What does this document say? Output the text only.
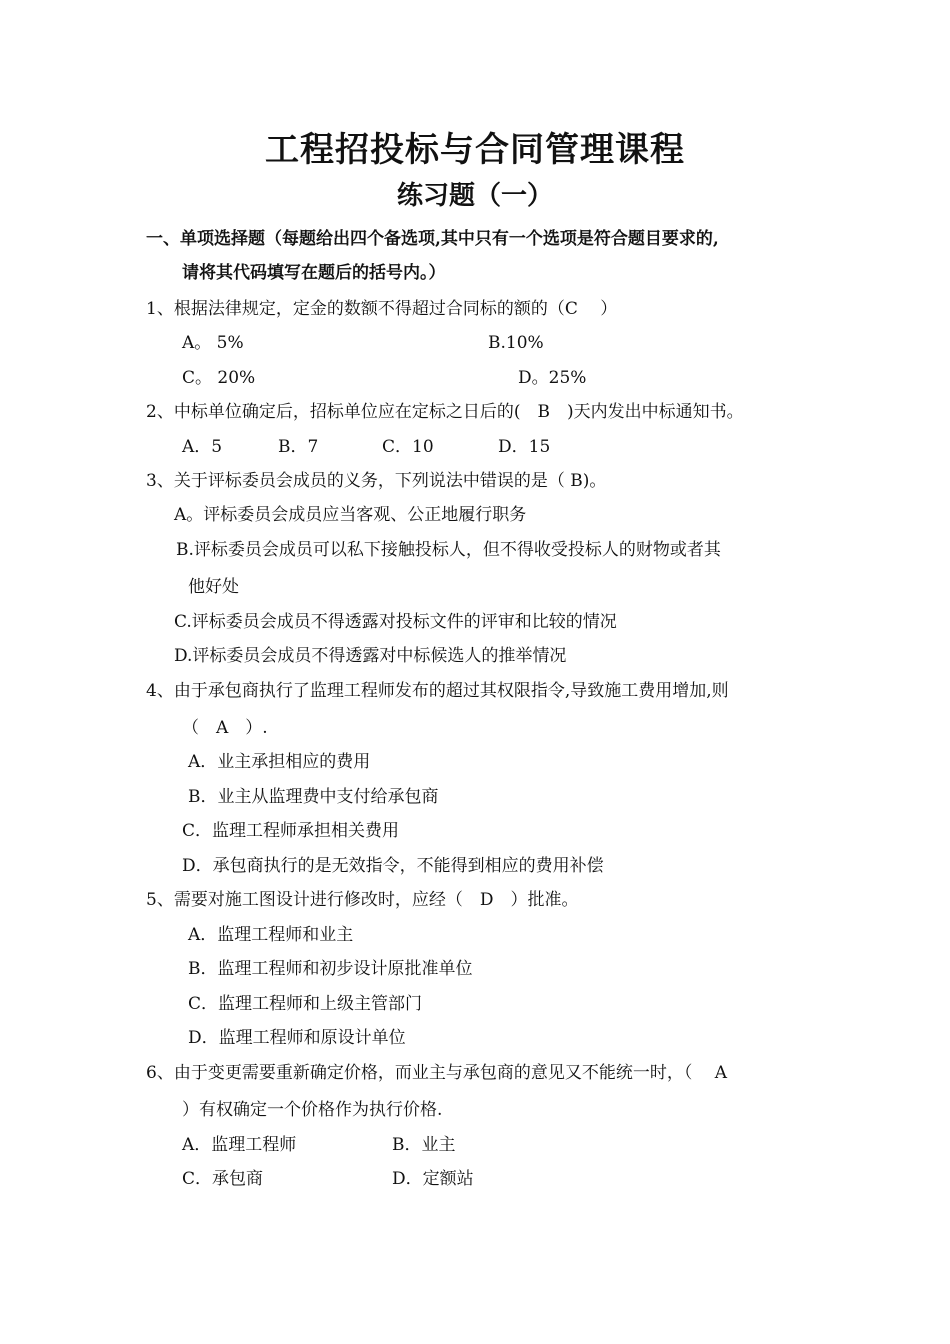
工程招投标与合同管理课程
练习题（一）
一、单项选择题（每题给出四个备选项,其中只有一个选项是符合题目要求的,
请将其代码填写在题后的括号内。）
1、根据法律规定，定金的数额不得超过合同标的额的（C　 ）
A。 5%	B.10%
C。 20%	D。25%
2、中标单位确定后，招标单位应在定标之日后的(　B　)天内发出中标通知书。
A．5	B．7	C．10	D．15
3、关于评标委员会成员的义务，下列说法中错误的是（ B)。
A。评标委员会成员应当客观、公正地履行职务
B.评标委员会成员可以私下接触投标人，但不得收受投标人的财物或者其
他好处
C.评标委员会成员不得透露对投标文件的评审和比较的情况
D.评标委员会成员不得透露对中标候选人的推举情况
4、由于承包商执行了监理工程师发布的超过其权限指令,导致施工费用增加,则
（　A　）.
A．业主承担相应的费用
B．业主从监理费中支付给承包商
C．监理工程师承担相关费用
D．承包商执行的是无效指令，不能得到相应的费用补偿
5、需要对施工图设计进行修改时，应经（　D　）批准。
A．监理工程师和业主
B．监理工程师和初步设计原批准单位
C．监理工程师和上级主管部门
D．监理工程师和原设计单位
6、由于变更需要重新确定价格，而业主与承包商的意见又不能统一时，（　 A
）有权确定一个价格作为执行价格.
A．监理工程师	B．业主
C．承包商	D．定额站
